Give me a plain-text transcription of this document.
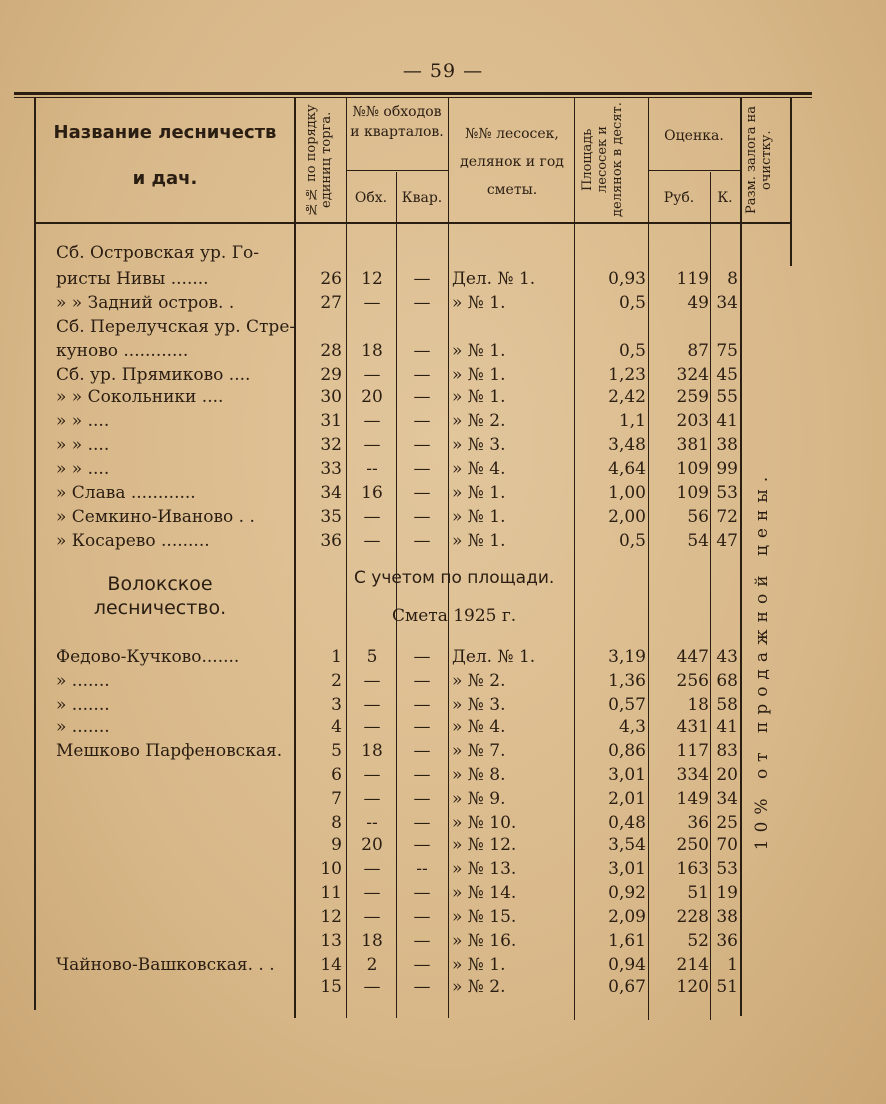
— 59 —
Название лесничеств
и дач.	№№ по порядку единиц торга.	№№ обходов и кварталов.
Обх.	Квар.
№№ лесосек, делянок и год сметы.	Площадь лесосек и делянок в десят.	Оценка.
Руб.	К. Разм. залога на очистку.
Сб. Островская ур. Го-
ристы Нивы .......	26	12	—	Дел. № 1.	0,93	119	8
» » Задний остров. .	27	—	—	» № 1.	0,5	49 34
Сб. Перелучская ур. Стре-
куново ............	28	18	—	» № 1.	0,5	87 75
Сб. ур. Прямиково ....	29	—	—	» № 1.	1,23	324 45
» » Сокольники ....	30	20	—	» № 1.	2,42	259 55
» » ....	31	—	—	» № 2.	1,1	203 41
» » ....	32	—	—	» № 3.	3,48	381 38
» » ....	33	--	—	» № 4.	4,64	109 99
» Слава ............	34	16	—	» № 1.	1,00	109 53
» Семкино-Иваново . .	35	—	—	» № 1.	2,00	56 72
» Косарево .........	36	—	—	» № 1.	0,5	54 47
Волокское
лесничество.
С учетом по площади.
Смета 1925 г.
Федово-Кучково.......	1	5	—	Дел. № 1.	3,19	447 43
» .......	2	—	—	» № 2.	1,36	256 68
» .......	3	—	—	» № 3.	0,57	18 58
» .......	4	—	—	» № 4.	4,3	431 41
Мешково Парфеновская.	5	18	—	» № 7.	0,86	117 83
6	—	—	» № 8.	3,01	334 20
7	—	—	» № 9.	2,01	149 34
8	--	—	» № 10.	0,48	36 25
9	20	—	» № 12.	3,54	250 70
10	—	--	» № 13.	3,01	163 53
11	—	—	» № 14.	0,92	51 19
12	—	—	» № 15.	2,09	228 38
13	18	—	» № 16.	1,61	52 36
Чайново-Вашковская. . .	14	2	—	» № 1.	0,94	214	1
15	—	—	» № 2.	0,67	120 51
10% от продажной цены.
